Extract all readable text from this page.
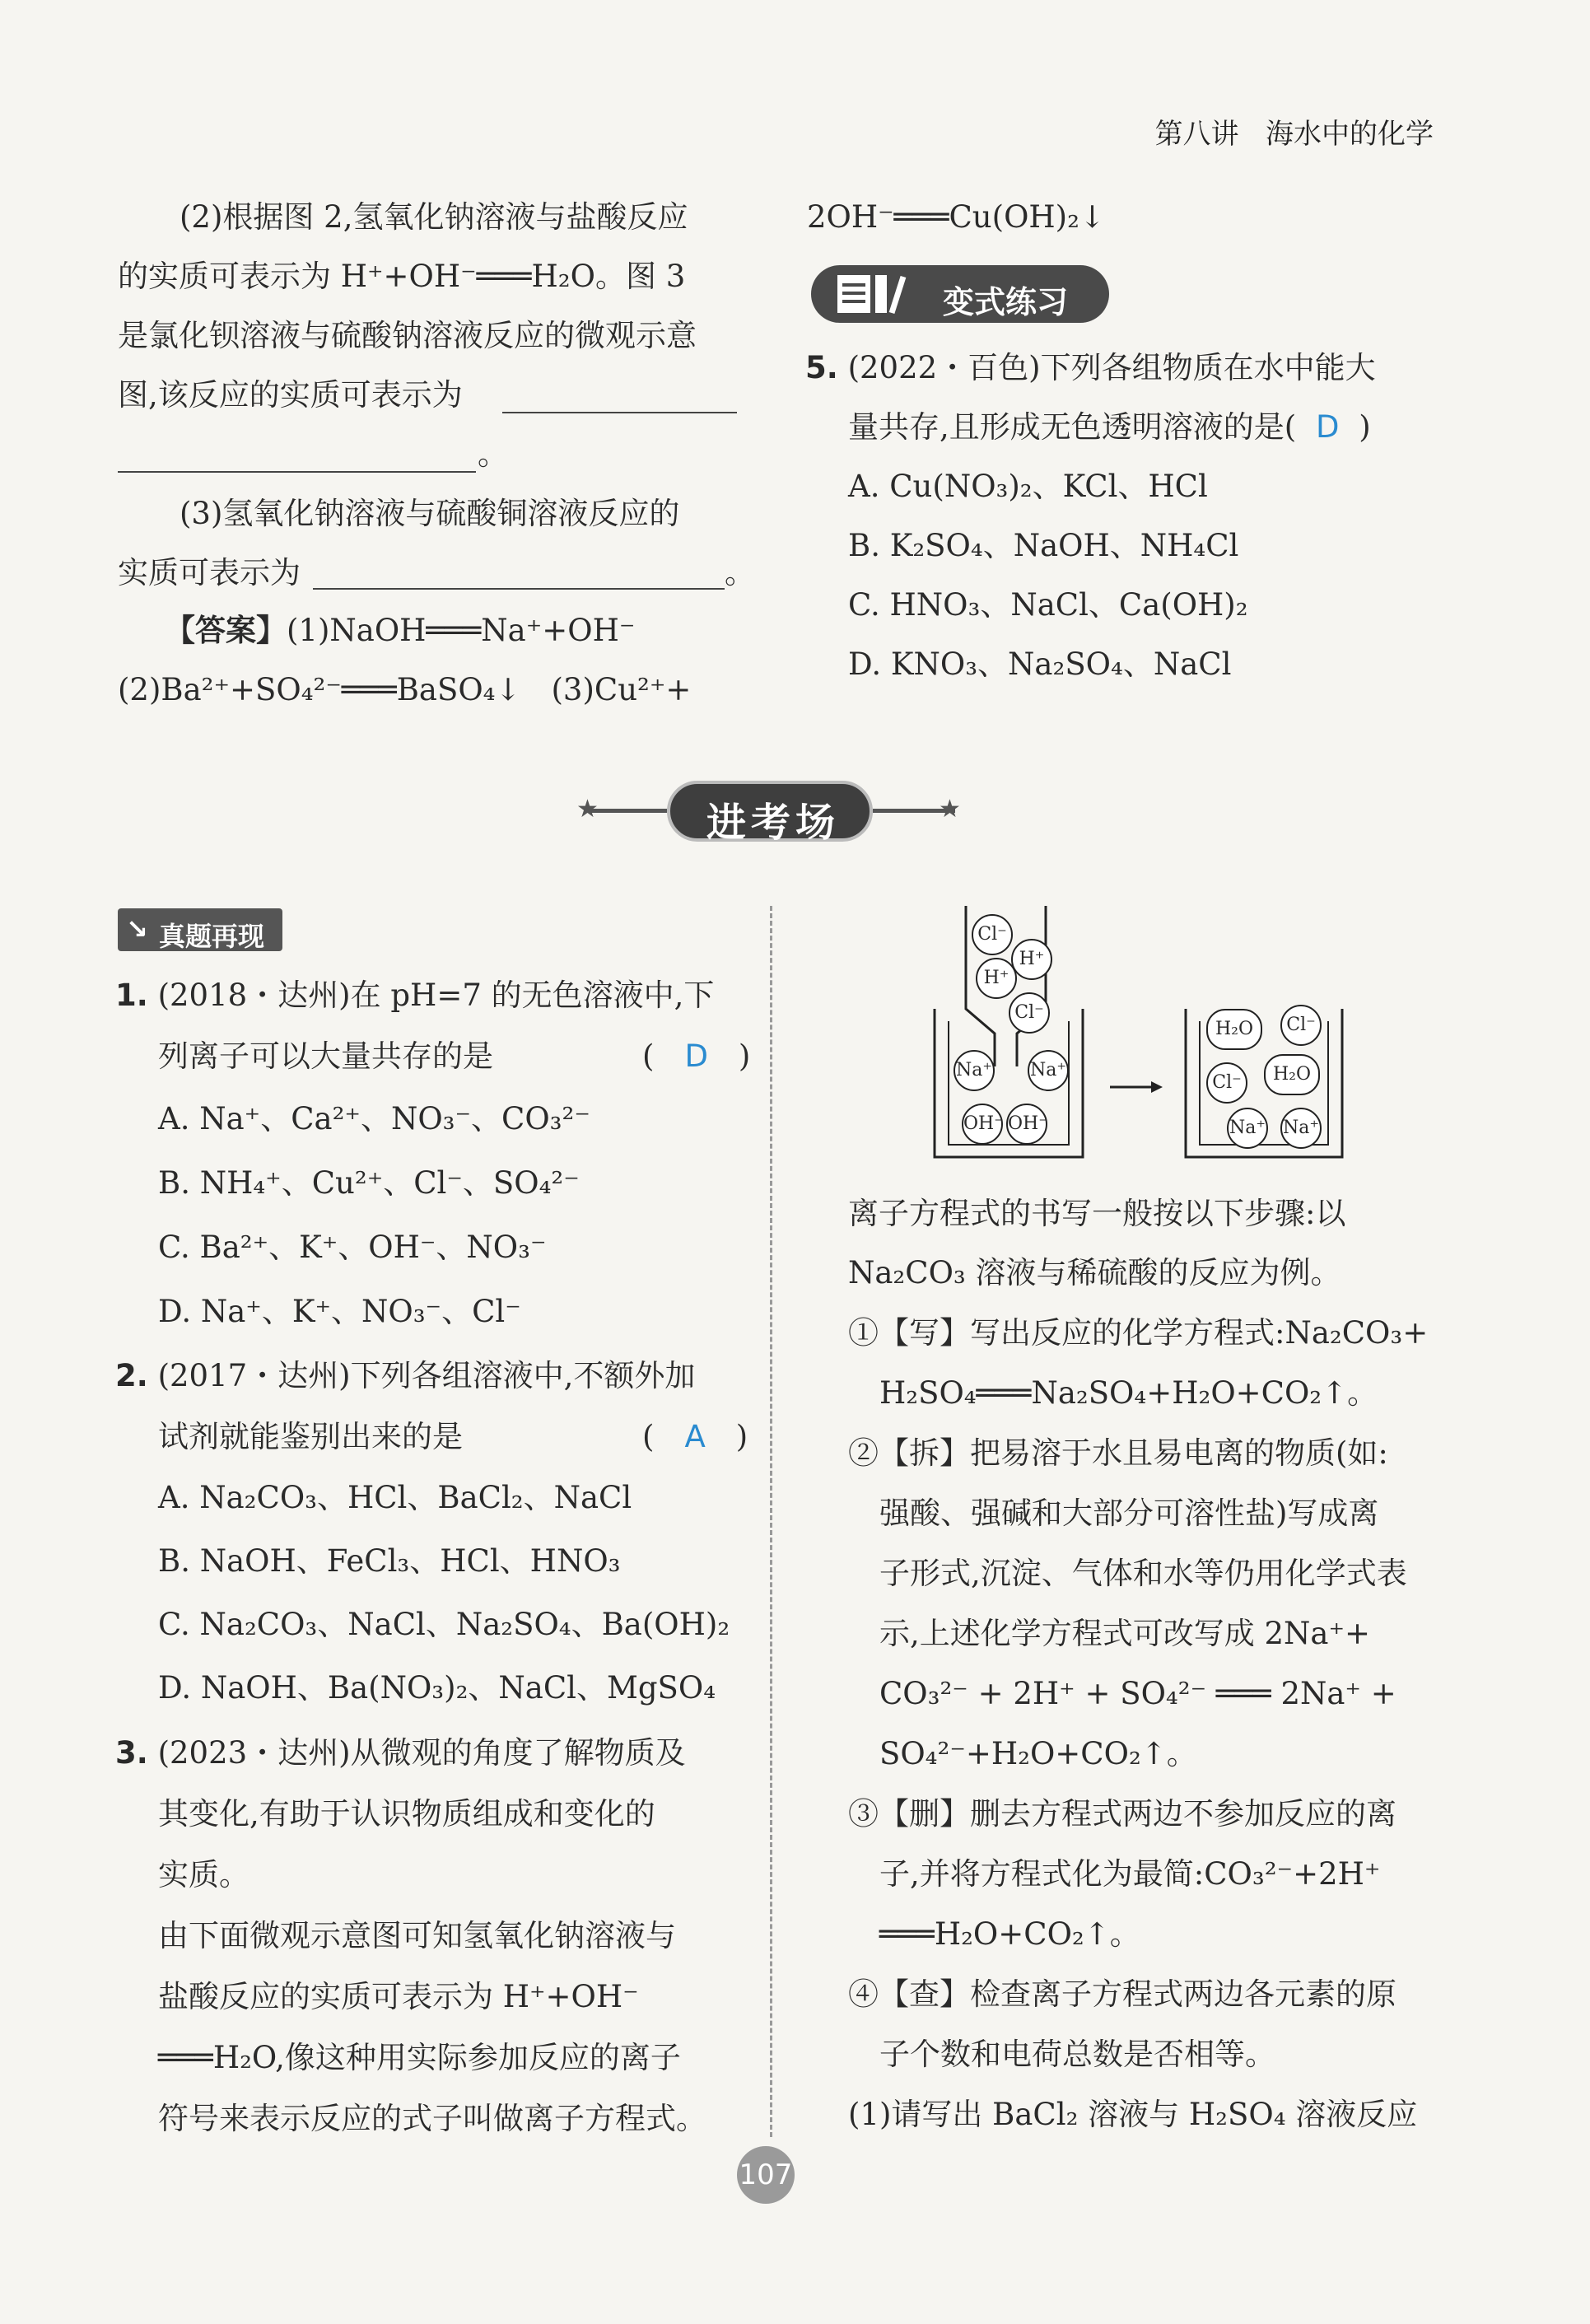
第八讲 海水中的化学
(2)根据图 2,氢氧化钠溶液与盐酸反应
的实质可表示为 H⁺+OH⁻═══H₂O。图 3
是氯化钡溶液与硫酸钠溶液反应的微观示意
图,该反应的实质可表示为
。
(3)氢氧化钠溶液与硫酸铜溶液反应的
实质可表示为	。
【答案】(1)NaOH═══Na⁺+OH⁻
(2)Ba²⁺+SO₄²⁻═══BaSO₄↓　(3)Cu²⁺+
2OH⁻═══Cu(OH)₂↓
变式练习
5. (2022・百色)下列各组物质在水中能大
量共存,且形成无色透明溶液的是( D )
A. Cu(NO₃)₂、KCl、HCl
B. K₂SO₄、NaOH、NH₄Cl
C. HNO₃、NaCl、Ca(OH)₂
D. KNO₃、Na₂SO₄、NaCl
★	★
进考场
↘ 真题再现
1. (2018・达州)在 pH=7 的无色溶液中,下
列离子可以大量共存的是	(　D　)
A. Na⁺、Ca²⁺、NO₃⁻、CO₃²⁻
B. NH₄⁺、Cu²⁺、Cl⁻、SO₄²⁻
C. Ba²⁺、K⁺、OH⁻、NO₃⁻
D. Na⁺、K⁺、NO₃⁻、Cl⁻
2. (2017・达州)下列各组溶液中,不额外加
试剂就能鉴别出来的是	(　A　)
A. Na₂CO₃、HCl、BaCl₂、NaCl
B. NaOH、FeCl₃、HCl、HNO₃
C. Na₂CO₃、NaCl、Na₂SO₄、Ba(OH)₂
D. NaOH、Ba(NO₃)₂、NaCl、MgSO₄
3. (2023・达州)从微观的角度了解物质及
其变化,有助于认识物质组成和变化的
实质。
由下面微观示意图可知氢氧化钠溶液与
盐酸反应的实质可表示为 H⁺+OH⁻
═══H₂O,像这种用实际参加反应的离子
符号来表示反应的式子叫做离子方程式。
Cl⁻
H⁺
H⁺
Cl⁻
Na⁺ Na⁺
OH⁻ OH⁻
H₂O	Cl⁻
Cl⁻	H₂O
Na⁺ Na⁺
离子方程式的书写一般按以下步骤:以
Na₂CO₃ 溶液与稀硫酸的反应为例。
①【写】写出反应的化学方程式:Na₂CO₃+
H₂SO₄═══Na₂SO₄+H₂O+CO₂↑。
②【拆】把易溶于水且易电离的物质(如:
强酸、强碱和大部分可溶性盐)写成离
子形式,沉淀、气体和水等仍用化学式表
示,上述化学方程式可改写成 2Na⁺+
CO₃²⁻ + 2H⁺ + SO₄²⁻ ═══ 2Na⁺ +
SO₄²⁻+H₂O+CO₂↑。
③【删】删去方程式两边不参加反应的离
子,并将方程式化为最简:CO₃²⁻+2H⁺
═══H₂O+CO₂↑。
④【查】检查离子方程式两边各元素的原
子个数和电荷总数是否相等。
(1)请写出 BaCl₂ 溶液与 H₂SO₄ 溶液反应
107
